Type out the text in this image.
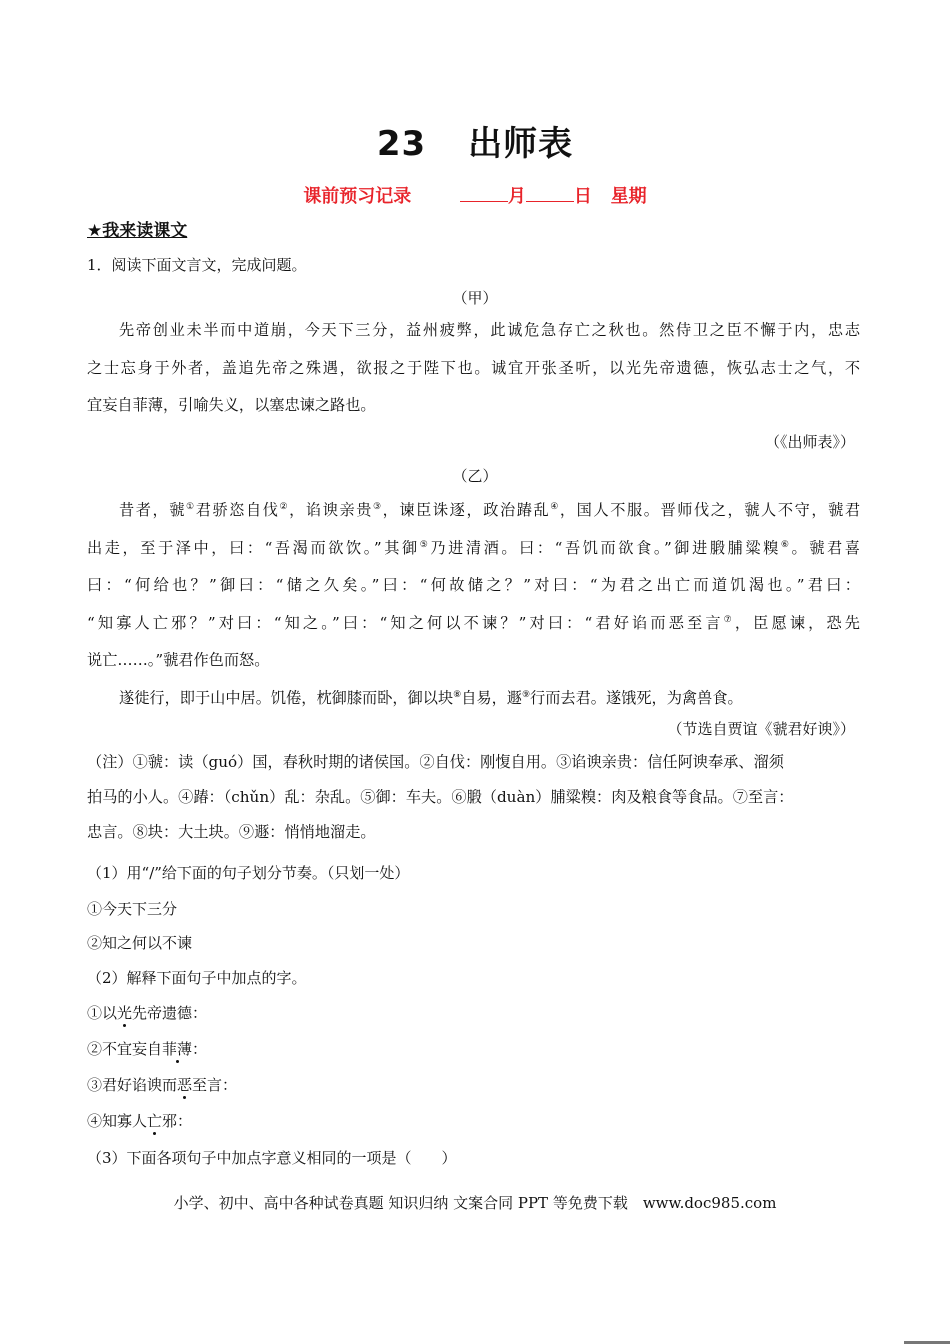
23 出师表
课前预习记录	月	日 星期
★我来读课文
1．阅读下面文言文，完成问题。
（甲）

先帝创业未半而中道崩，今天下三分，益州疲弊，此诚危急存亡之秋也。然侍卫之臣不懈于内，忠志

之士忘身于外者，盖追先帝之殊遇，欲报之于陛下也。诚宜开张圣听，以光先帝遗德，恢弘志士之气，不

宜妄自菲薄，引喻失义，以塞忠谏之路也。

（《出师表》）
（乙）

昔者，虢①君骄恣自伐②，谄谀亲贵③，谏臣诛逐，政治踳乱④，国人不服。晋师伐之，虢人不守，虢君

出走，至于泽中，曰：“吾渴而欲饮。”其御⑤乃进清酒。曰：“吾饥而欲食。”御进腶脯粱糗⑥。虢君喜

曰：“何给也？”御曰：“储之久矣。”曰：“何故储之？”对曰：“为君之出亡而道饥渴也。”君曰：

“知寡人亡邪？”对曰：“知之。”曰：“知之何以不谏？”对曰：“君好谄而恶至言⑦，臣愿谏，恐先

说亡……。”虢君作色而怒。

遂徙行，即于山中居。饥倦，枕御膝而卧，御以块⑧自易，遯⑨行而去君。遂饿死，为禽兽食。

（节选自贾谊《虢君好谀》）

（注）①虢：读（guó）国，春秋时期的诸侯国。②自伐：刚愎自用。③谄谀亲贵：信任阿谀奉承、溜须

拍马的小人。④踳：（chǔn）乱：杂乱。⑤御：车夫。⑥腶（duàn）脯粱糗：肉及粮食等食品。⑦至言：

忠言。⑧块：大土块。⑨遯：悄悄地溜走。

（1）用“/”给下面的句子划分节奏。（只划一处）
①今天下三分
②知之何以不谏
（2）解释下面句子中加点的字。
①以光先帝遗德：
②不宜妄自菲薄：
③君好谄谀而恶至言：
④知寡人亡邪：
（3）下面各项句子中加点字意义相同的一项是（　　）
小学、初中、高中各种试卷真题 知识归纳 文案合同 PPT 等免费下载　www.doc985.com
